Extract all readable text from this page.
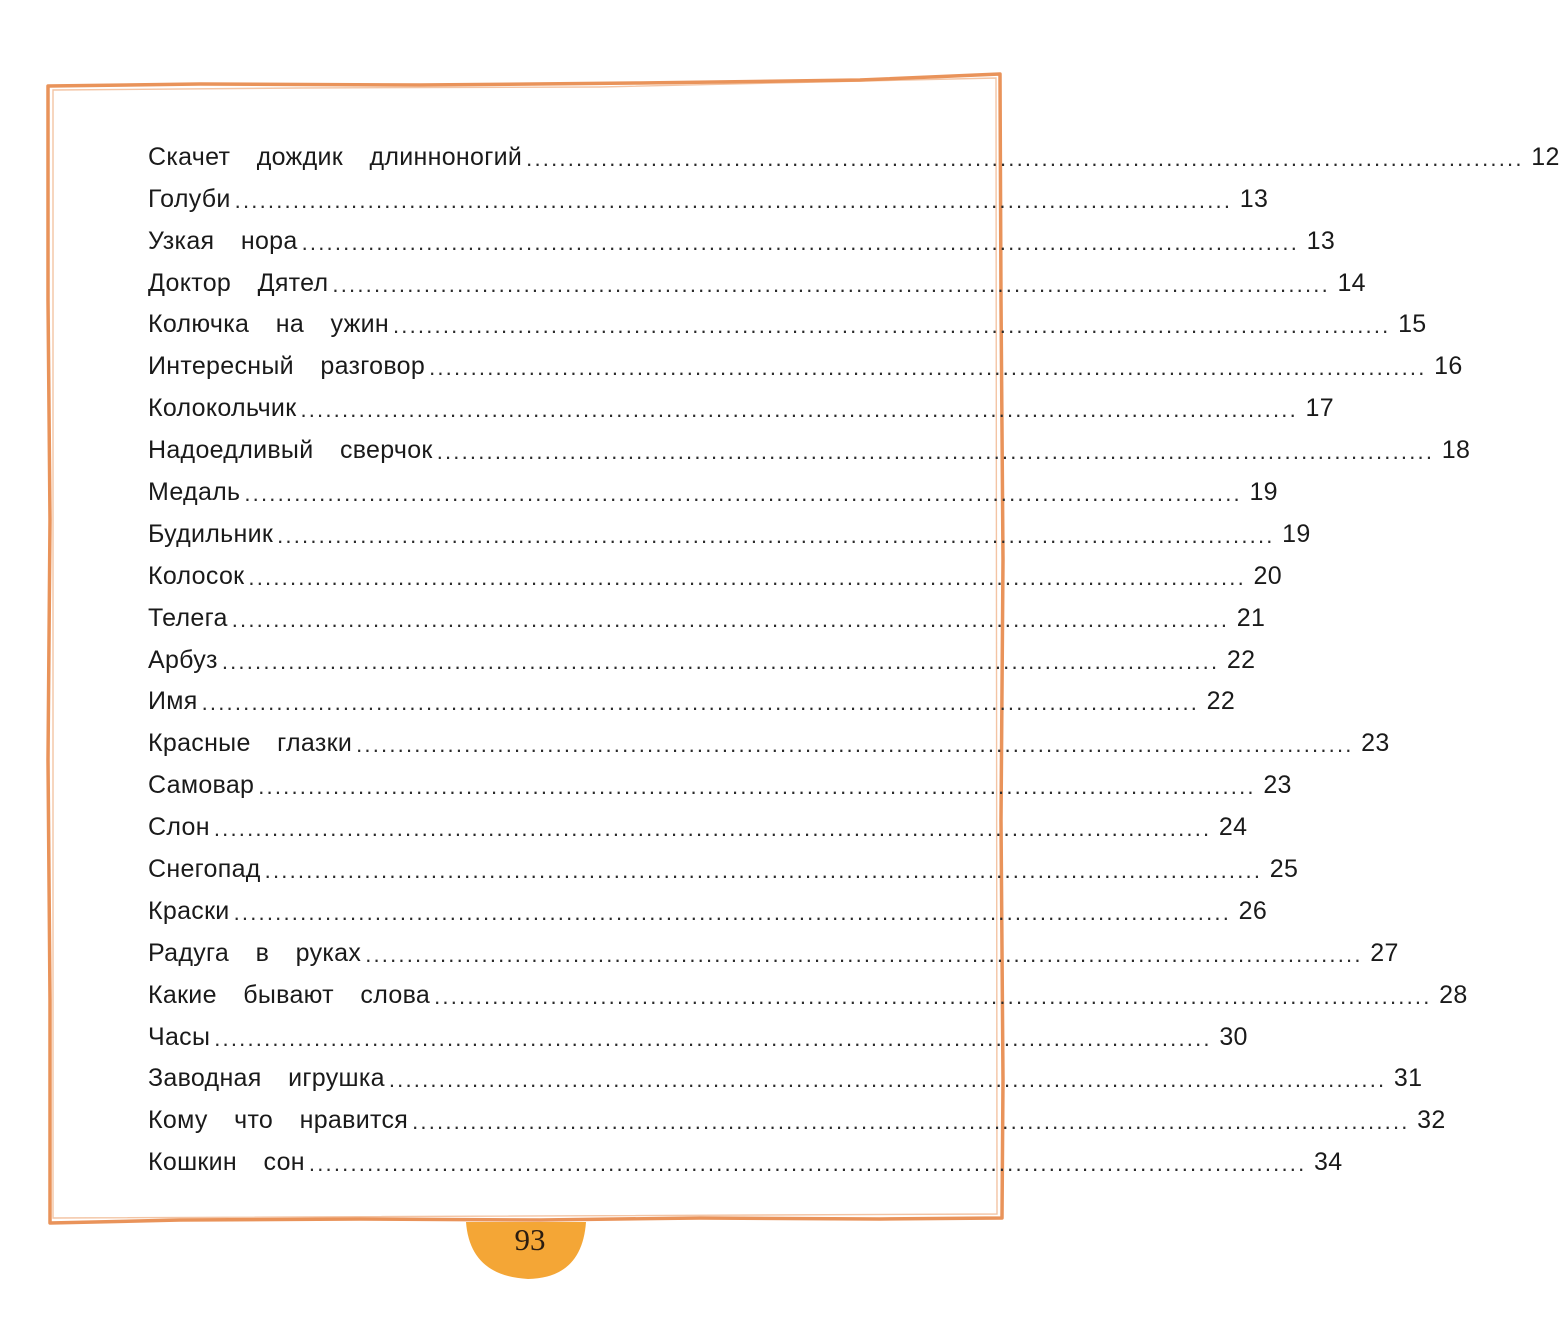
Скачет  дождик  длинноногий ........................................................................................................................ 12
Голуби ........................................................................................................................ 13
Узкая  нора ........................................................................................................................ 13
Доктор  Дятел ........................................................................................................................ 14
Колючка  на  ужин ........................................................................................................................ 15
Интересный  разговор ........................................................................................................................ 16
Колокольчик ........................................................................................................................ 17
Надоедливый  сверчок ........................................................................................................................ 18
Медаль ........................................................................................................................ 19
Будильник ........................................................................................................................ 19
Колосок ........................................................................................................................ 20
Телега ........................................................................................................................ 21
Арбуз ........................................................................................................................ 22
Имя ........................................................................................................................ 22
Красные  глазки ........................................................................................................................ 23
Самовар ........................................................................................................................ 23
Слон ........................................................................................................................ 24
Снегопад ........................................................................................................................ 25
Краски ........................................................................................................................ 26
Радуга  в  руках ........................................................................................................................ 27
Какие  бывают  слова ........................................................................................................................ 28
Часы ........................................................................................................................ 30
Заводная  игрушка ........................................................................................................................ 31
Кому  что  нравится ........................................................................................................................ 32
Кошкин  сон ........................................................................................................................ 34
93
